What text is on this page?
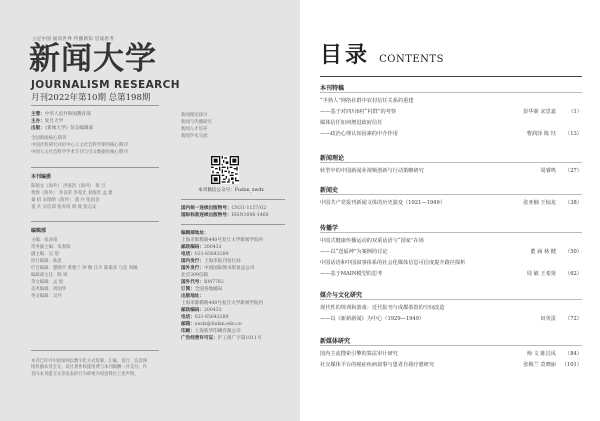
立足中国 面向世界 传播新知 启迪思考
新闻大学
JOURNALISM RESEARCH
月刊2022年第10期 总第198期
主管：中华人民共和国教育部
主办：复旦大学
出版：《新闻大学》杂志编辑部
全国新闻核心期刊
中国社科研究评价中心人文社会科学期刊核心期刊
中国人文社会科学学术专刊与引文数据库核心期刊
新闻理论探讨
新闻与传播研究
新闻人才培养
新闻学术交流
本刊编委
陈韬文（海外） 洪浚浩（海外） 黄 旦
黄煜（海外） 李良荣 李希光 刘海贵 孟 建
秦 绍 宋昭勋（海外） 童 兵 张国良
童 兵 吴信训 张涛甫 周 葆 张志安
编辑部
主编：张涛甫
常务副主编：朱春阳
副主编：吴 迎
执行编辑：陈思
栏目编辑：楚晓平 黄雅兰 钟 婉 汪卉 陈瑜菲 马克 周佩
编辑部主任：陈 妍
英文编辑：孟 悦
美术编辑：周国华
英文编辑：吴丹
本刊已许可中国知网以数字化方式复制、汇编、发行、信息网络传播本刊全文。该社著作权使用费与本刊稿酬一并支付。作者向本刊提交文章发表的行为即视为同意我社上述声明。
本刊微信公众号：Fudan_xwdx
国内统一连续出版物号：CN31-1157/G2
国际标准连续出版物号：ISSN1006-1460
编辑部地址：
上海市邯郸路440号复旦大学新闻学院内
邮政编码：200433
电话：021-65643289
国内发行：上海市报刊发行局
国外发行：中国国际图书贸易总公司
北京399信箱
国外代号：BM7782
订阅：全国各地邮局
出版地址：
上海市邯郸路440号复旦大学新闻学院内
邮政编码：200433
电话：021-65643289
邮箱：xwdx@fudan.edu.cn
印刷：上海新华印刷有限公司
广告经营许可证：沪工商广字第1011号
目录 CONTENTS
本刊特稿
“半熟人”网络社群中农村信任关系的重建
——基于对四川6村“村群”的考察	彭华新 宋思嘉 （1）
媒体信任如何增进政府信任
——政治心理认知因素的中介作用	曹润泽 陈 钰 （13）
新闻理论
转型中的中国新闻业视频创新与行动策略研究	周睿鸣 （27）
新闻史
中国共产党报刊新闻文体的历史演变（1921—1949）	张亚楠 王灿龙 （38）
传播学
中国式健康传播运动的双重话语与“国家”在场
——以“送福神”为案例的讨论	董 涵 林 健 （50）
中国话语和中国叙事体系的社会化媒体信息可信度提升路径探析
——基于MAIN模型的思考	周 敏 王希贤 （62）
媒介与文化研究
现代性的规训和游戏：近代报刊与成都茶馆的空间改造
——以《新新新闻》为中心（1929—1949）	田英雷 （72）
新媒体研究
国内主流搜索引擎的算法审计研究	师 文 陈昌凤 （84）
社交媒体平台的癌症疾病叙事与患者自我疗愈研究	张梅兰 莫晓丽 （101）
